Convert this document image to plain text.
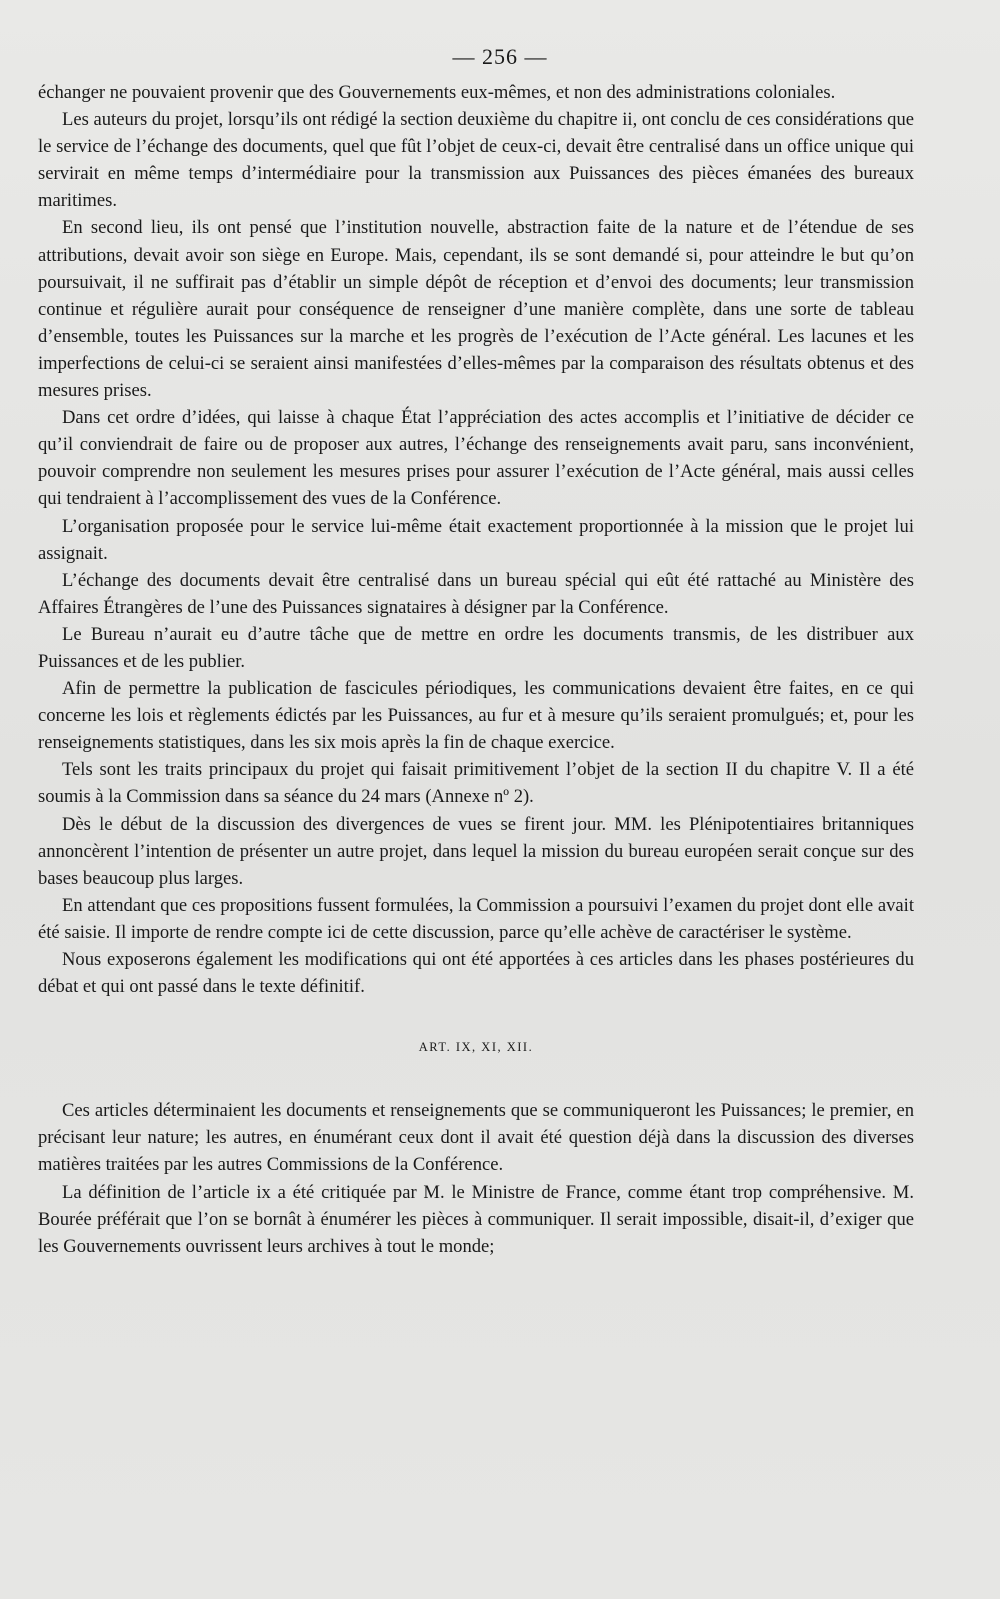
— 256 —

échanger ne pouvaient provenir que des Gouvernements eux-mêmes, et non des administrations coloniales.

Les auteurs du projet, lorsqu’ils ont rédigé la section deuxième du chapitre ii, ont conclu de ces considérations que le service de l’échange des documents, quel que fût l’objet de ceux-ci, devait être centralisé dans un office unique qui servirait en même temps d’intermédiaire pour la transmission aux Puissances des pièces émanées des bureaux maritimes.

En second lieu, ils ont pensé que l’institution nouvelle, abstraction faite de la nature et de l’étendue de ses attributions, devait avoir son siège en Europe. Mais, cependant, ils se sont demandé si, pour atteindre le but qu’on poursuivait, il ne suffirait pas d’établir un simple dépôt de réception et d’envoi des documents; leur transmission continue et régulière aurait pour conséquence de renseigner d’une manière complète, dans une sorte de tableau d’ensemble, toutes les Puissances sur la marche et les progrès de l’exécution de l’Acte général. Les lacunes et les imperfections de celui-ci se seraient ainsi manifestées d’elles-mêmes par la comparaison des résultats obtenus et des mesures prises.

Dans cet ordre d’idées, qui laisse à chaque État l’appréciation des actes accomplis et l’initiative de décider ce qu’il conviendrait de faire ou de proposer aux autres, l’échange des renseignements avait paru, sans inconvénient, pouvoir comprendre non seulement les mesures prises pour assurer l’exécution de l’Acte général, mais aussi celles qui tendraient à l’accomplissement des vues de la Conférence.

L’organisation proposée pour le service lui-même était exactement proportionnée à la mission que le projet lui assignait.

L’échange des documents devait être centralisé dans un bureau spécial qui eût été rattaché au Ministère des Affaires Étrangères de l’une des Puissances signataires à désigner par la Conférence.

Le Bureau n’aurait eu d’autre tâche que de mettre en ordre les documents transmis, de les distribuer aux Puissances et de les publier.

Afin de permettre la publication de fascicules périodiques, les communications devaient être faites, en ce qui concerne les lois et règlements édictés par les Puissances, au fur et à mesure qu’ils seraient promulgués; et, pour les renseignements statistiques, dans les six mois après la fin de chaque exercice.

Tels sont les traits principaux du projet qui faisait primitivement l’objet de la section II du chapitre V. Il a été soumis à la Commission dans sa séance du 24 mars (Annexe nº 2).

Dès le début de la discussion des divergences de vues se firent jour. MM. les Plénipotentiaires britanniques annoncèrent l’intention de présenter un autre projet, dans lequel la mission du bureau européen serait conçue sur des bases beaucoup plus larges.

En attendant que ces propositions fussent formulées, la Commission a poursuivi l’examen du projet dont elle avait été saisie. Il importe de rendre compte ici de cette discussion, parce qu’elle achève de caractériser le système.

Nous exposerons également les modifications qui ont été apportées à ces articles dans les phases postérieures du débat et qui ont passé dans le texte définitif.

ART. IX, XI, XII.

Ces articles déterminaient les documents et renseignements que se communiqueront les Puissances; le premier, en précisant leur nature; les autres, en énumérant ceux dont il avait été question déjà dans la discussion des diverses matières traitées par les autres Commissions de la Conférence.

La définition de l’article ix a été critiquée par M. le Ministre de France, comme étant trop compréhensive. M. Bourée préférait que l’on se bornât à énumérer les pièces à communiquer. Il serait impossible, disait-il, d’exiger que les Gouvernements ouvrissent leurs archives à tout le monde;
